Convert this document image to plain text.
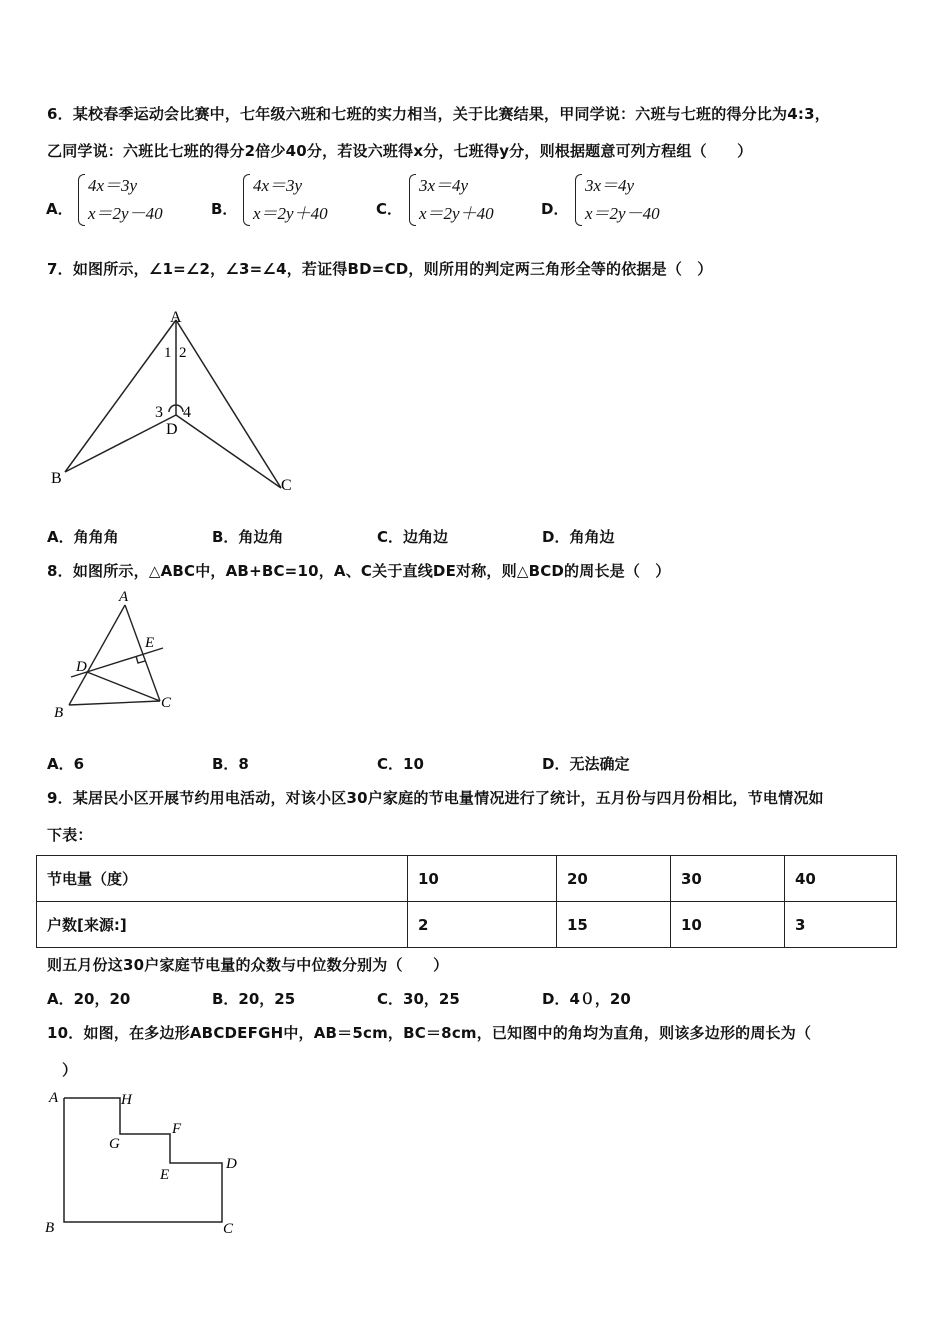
6．某校春季运动会比赛中，七年级六班和七班的实力相当，关于比赛结果，甲同学说：六班与七班的得分比为4:3，
乙同学说：六班比七班的得分2倍少40分，若设六班得x分，七班得y分，则根据题意可列方程组（　　）
A．
4x＝3y
x＝2y－40	B．
4x＝3y
x＝2y＋40	C．
3x＝4y
x＝2y＋40	D．
3x＝4y
x＝2y－40
7．如图所示，∠1=∠2，∠3=∠4，若证得BD=CD，则所用的判定两三角形全等的依据是（　）
A
1 2
3 4
D
B	C
A．角角角	B．角边角	C．边角边	D．角角边
8．如图所示，△ABC中，AB+BC=10，A、C关于直线DE对称，则△BCD的周长是（　）
A
E
D
C
B
A．6	B．8	C．10	D．无法确定
9．某居民小区开展节约用电活动，对该小区30户家庭的节电量情况进行了统计，五月份与四月份相比，节电情况如
下表：
节电量（度）	10	20	30	40
户数[来源:]	2	15	10	3
则五月份这30户家庭节电量的众数与中位数分别为（　　）
A．20，20	B．20，25	C．30，25	D．4０，20
10．如图，在多边形ABCDEFGH中，AB＝5cm，BC＝8cm，已知图中的角均为直角，则该多边形的周长为（
）
A	H
F
G
D
E
B	C
